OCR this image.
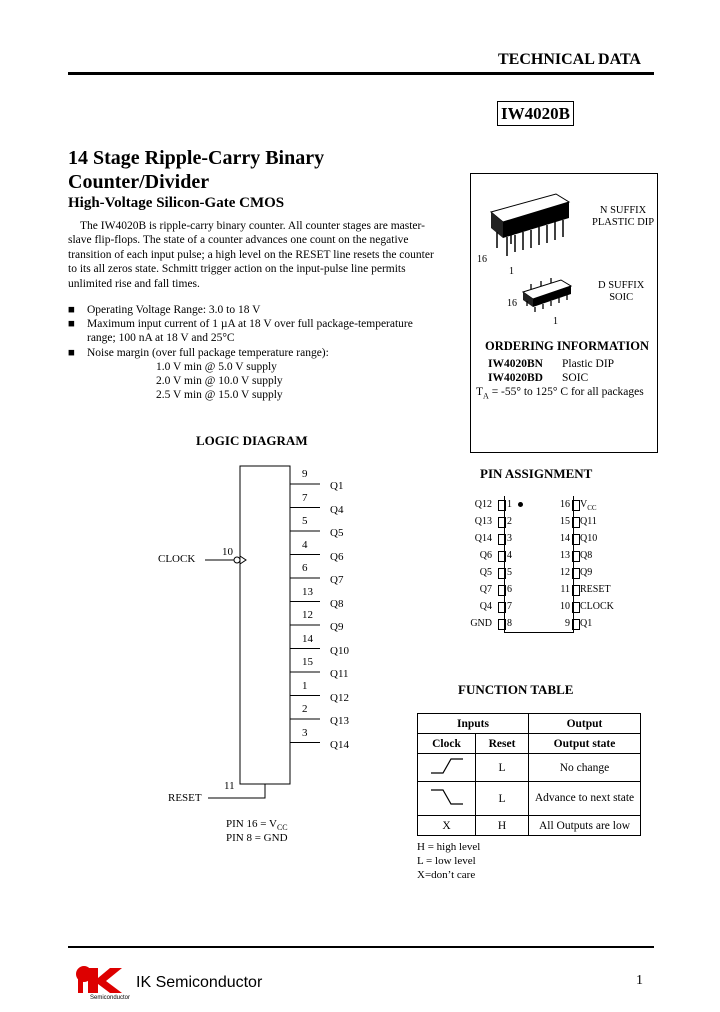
TECHNICAL DATA
IW4020B
14 Stage Ripple-Carry Binary
Counter/Divider
High-Voltage Silicon-Gate CMOS
The IW4020B is ripple-carry binary counter. All counter stages are master-
slave flip-flops. The state of a counter advances one count on the negative
transition of each input pulse; a high level on the RESET line resets the counter
to its all zeros state. Schmitt trigger action on the input-pulse line permits
unlimited rise and fall times.
■ Operating Voltage Range: 3.0 to 18 V
■ Maximum input current of 1 µA at 18 V over full package-temperature
range; 100 nA at 18 V and 25°C
■ Noise margin (over full package temperature range):
1.0 V min @ 5.0 V supply
2.0 V min @ 10.0 V supply
2.5 V min @ 15.0 V supply
16
1
16
1
N SUFFIX
PLASTIC DIP
D SUFFIX
SOIC
ORDERING INFORMATION
IW4020BN Plastic DIP
IW4020BD SOIC
$T_A = -55^\circ$ to 125° C for all packages
LOGIC DIAGRAM
CLOCK
10
RESET
11
9
Q1
7
Q4
5
Q5
4
Q6
6
Q7
13
Q8
12
Q9
14
Q10
15
Q11
1
Q12
2
Q13
3
Q14
PIN $16 = V_{CC}$
PIN 8 = GND
PIN ASSIGNMENT
Q12 1
Q13 2
Q14 3
Q6 4
Q5 5
Q7 6
Q4 7
GND 8
16 $V_{CC}$
15 Q11
14 Q10
13 Q8
12 Q9
11 RESET
10 CLOCK
9 Q1
FUNCTION TABLE
Inputs		Output
Clock	Reset	Output state
	L	No change
	L	Advance to next state
X	H	All Outputs are low
H = high level
L = low level
X=don’t care
Semiconductor
IK Semiconductor	1
